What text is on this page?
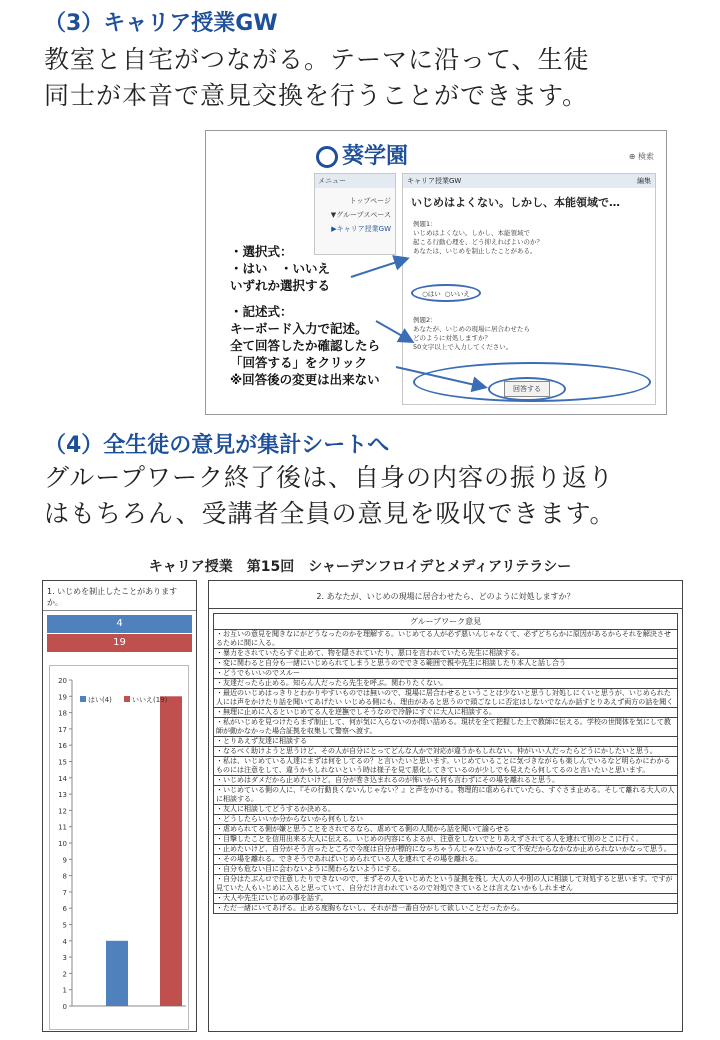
（3）キャリア授業GW
教室と自宅がつながる。テーマに沿って、生徒
同士が本音で意見交換を行うことができます。
葵学園	⊕ 検索
メニュー
トップページ
▼グループスペース
▶キャリア授業GW
キャリア授業GW	編集
いじめはよくない。しかし、本能領域で…
例題1：
いじめはよくない。しかし、本能領域で
起こる行動心理を、どう抑えればよいのか？
あなたは、いじめを制止したことがある。
○はい ○いいえ
例題2：
あなたが、いじめの現場に居合わせたら
どのように対処しますか？
50文字以上で入力してください。
回答する
・選択式：
・はい　・いいえ
いずれか選択する
・記述式：
キーボード入力で記述。
全て回答したか確認したら
「回答する」をクリック
※回答後の変更は出来ない
（4）全生徒の意見が集計シートへ
グループワーク終了後は、自身の内容の振り返り
はもちろん、受講者全員の意見を吸収できます。
キャリア授業　第15回　シャーデンフロイデとメディアリテラシー
1. いじめを制止したことがありますか。
4
19
0
1
2
3
4
5
6
7
8
9
10
11
12
13
14
15
16
17
18
19
20
はい(4)	いいえ(19)
2. あなたが、いじめの現場に居合わせたら、どのように対処しますか？
グループワーク意見
・お互いの意見を聞きなにがどうなったのかを理解する。いじめてる人が必ず悪いんじゃなくて、必ずどちらかに原因があるからそれを解決させるために間に入る。
・暴力をされていたらすぐ止めて、物を隠されていたり、悪口を言われていたら先生に相談する。
・変に関わると自分も一緒にいじめられてしまうと思うのでできる範囲で親や先生に相談したり本人と話し合う
・どうでもいいのでスルー
・友達だったら止める。知らん人だったら先生を呼ぶ。関わりたくない。
・最近のいじめはっきりとわかりやすいものでは無いので、現場に居合わせるということは少ないと思うし対処しにくいと思うが、いじめられた人には声をかけたり話を聞いてあげたい いじめる側にも、理由があると思うので頭ごなしに否定はしないでなんか話すとりあえず両方の話を聞く
・無理に止めに入るといじめてる人を逆撫でしそうなので冷静にすぐに大人に相談する。
・私がいじめを見つけたらまず制止して、何が気に入らないのか問い詰める。現状を全て把握した上で教師に伝える。学校の世間体を気にして教師が動かなかった場合証拠を収集して警察へ渡す。
・とりあえず友達に相談する
・なるべく助けようと思うけど、その人が自分にとってどんな人かで対応が違うかもしれない。仲がいい人だったらどうにかしたいと思う。
・私は、いじめている人達にまずは何をしてるの？と言いたいと思います。いじめていることに気づきながらも楽しんでいるなど明らかにわかるものには注意をして、違うかもしれないという時は様子を見て悪化してきているのが少しでも見えたら何してるのと言いたいと思います。
・いじめはダメだから止めたいけど、自分が巻き込まれるのが怖いから何も言わずにその場を離れると思う。
・いじめている側の人に、『その行動良くないんじゃない？』と声をかける。物理的に虐められていたら、すぐさま止める。そして離れる大人の人に相談する。
・友人に相談してどうするか決める。
・どうしたらいいか分からないから何もしない
・虐められてる側が嫌と思うことをされてるなら、虐めてる側の人間から話を聞いて諭らせる
・目撃したことを信用出来る大人に伝える。いじめの内容にもよるが、注意をしないでとりあえずされてる人を連れて別のとこに行く。
・止めたいけど、自分がそう言ったところで今度は自分が標的になっちゃうんじゃないかなって不安だからなかなか止められないかなって思う。
・その場を離れる。できそうであればいじめられている人を連れてその場を離れる。
・自分も危ない目に会わないように関わらないようにする。
・自分はたぶんロで注意したりできないので、まずその人をいじめたという証拠を残し 大人の人や別の人に相談して対処すると思います。ですが見ていた人もいじめに入ると思っていて、自分だけ言われているので対処できているとは言えないかもしれません
・大人や先生にいじめの事を話す。
・ただ一緒にいてあげる。止める度胸もないし、それが昔一番自分がして欲しいことだったから。
